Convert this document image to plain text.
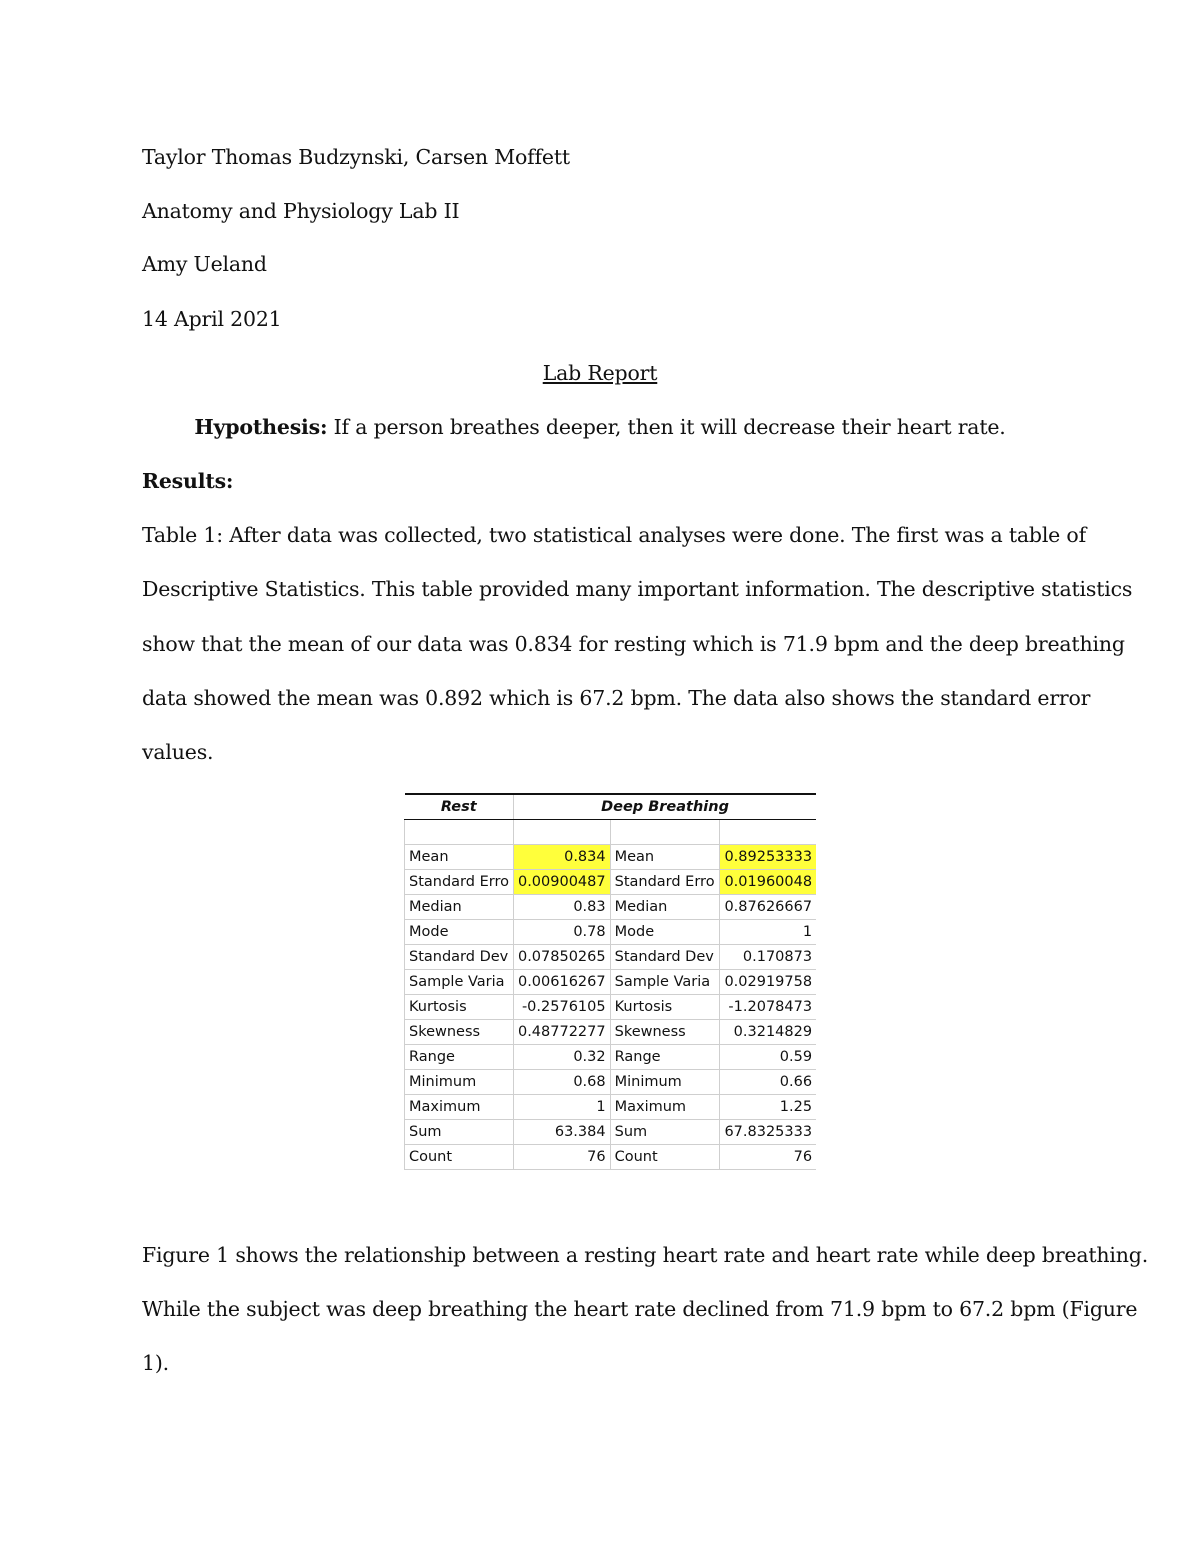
Taylor Thomas Budzynski, Carsen Moffett
Anatomy and Physiology Lab II
Amy Ueland
14 April 2021
Lab Report
Hypothesis: If a person breathes deeper, then it will decrease their heart rate.
Results:
Table 1: After data was collected, two statistical analyses were done. The first was a table of
Descriptive Statistics. This table provided many important information. The descriptive statistics
show that the mean of our data was 0.834 for resting which is 71.9 bpm and the deep breathing
data showed the mean was 0.892 which is 67.2 bpm. The data also shows the standard error
values.
Rest	Deep Breathing		

Mean	0.834	Mean	0.89253333
Standard Erro	0.00900487	Standard Erro	0.01960048
Median	0.83	Median	0.87626667
Mode	0.78	Mode	1
Standard Dev	0.07850265	Standard Dev	0.170873
Sample Varia	0.00616267	Sample Varia	0.02919758
Kurtosis	-0.2576105	Kurtosis	-1.2078473
Skewness	0.48772277	Skewness	0.3214829
Range	0.32	Range	0.59
Minimum	0.68	Minimum	0.66
Maximum	1	Maximum	1.25
Sum	63.384	Sum	67.8325333
Count	76	Count	76
Figure 1 shows the relationship between a resting heart rate and heart rate while deep breathing.
While the subject was deep breathing the heart rate declined from 71.9 bpm to 67.2 bpm (Figure
1).
